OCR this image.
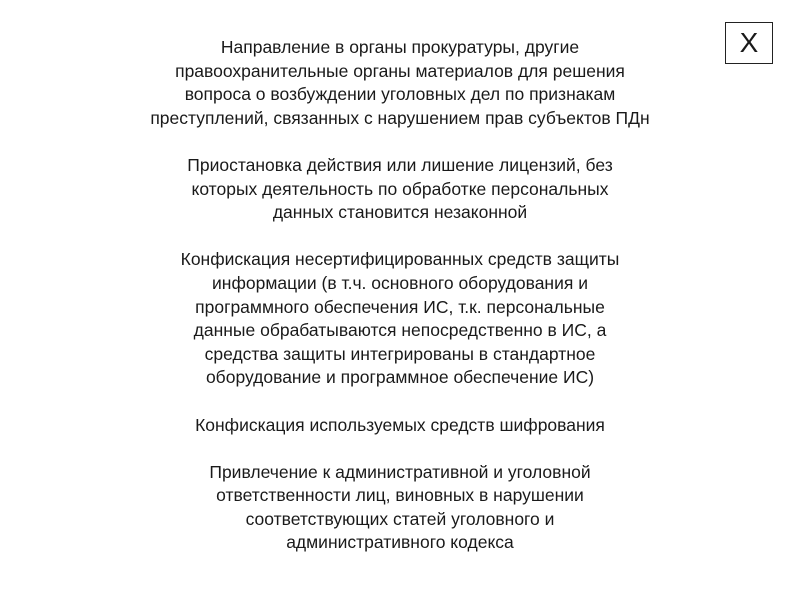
X
Направление в органы прокуратуры, другие
правоохранительные органы материалов для решения
вопроса о возбуждении уголовных дел по признакам
преступлений, связанных с нарушением прав субъектов ПДн
Приостановка действия или лишение лицензий, без
которых деятельность по обработке персональных
данных становится незаконной
Конфискация несертифицированных средств защиты
информации (в т.ч. основного оборудования и
программного обеспечения ИС, т.к. персональные
данные обрабатываются непосредственно в ИС, а
средства защиты интегрированы в стандартное
оборудование и программное обеспечение ИС)
Конфискация используемых средств шифрования
Привлечение к административной и уголовной
ответственности лиц, виновных в нарушении
соответствующих статей уголовного и
административного кодекса
